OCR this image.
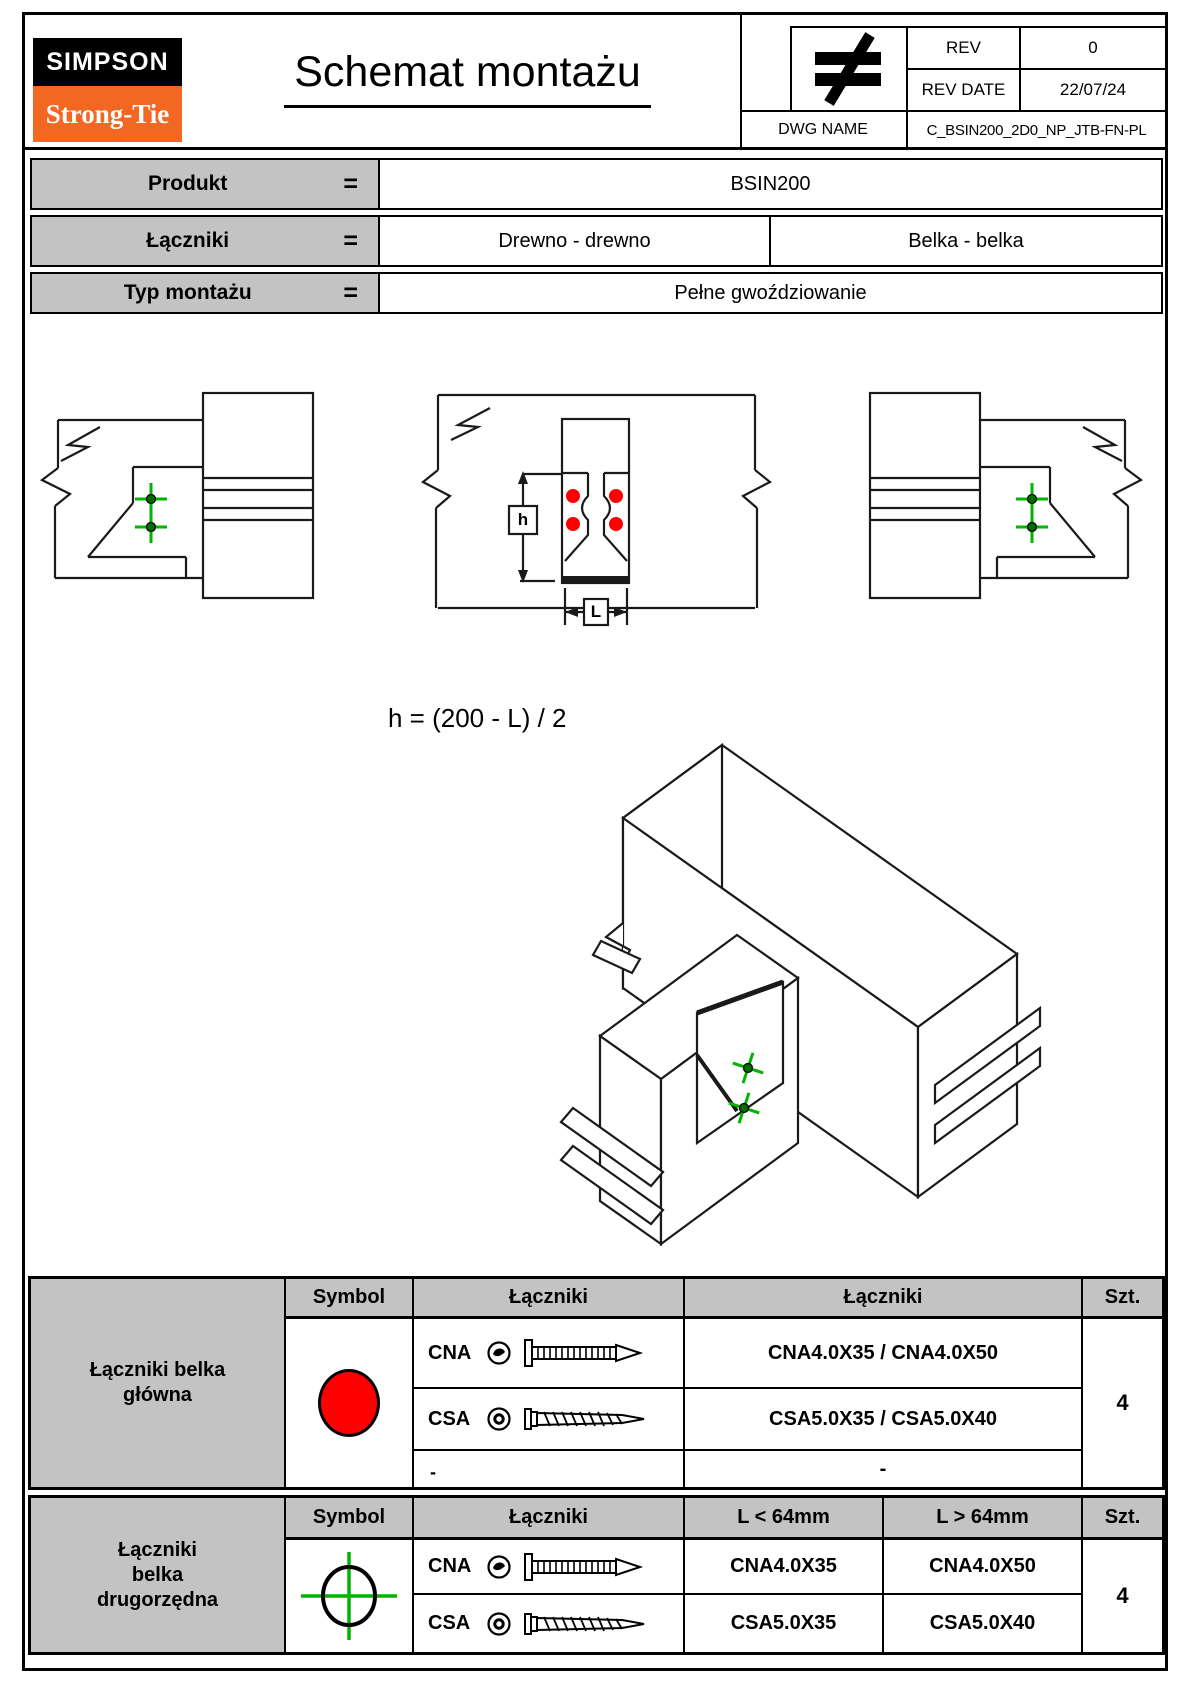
SIMPSON
Strong-Tie
Schemat montażu
REV	0
REV DATE	22/07/24
DWG NAME	C_BSIN200_2D0_NP_JTB-FN-PL
Produkt	=	BSIN200
Łączniki	=	Drewno - drewno	Belka - belka
Typ montażu	=	Pełne gwoździowanie
h
L
h = (200 - L) / 2
Łączniki belka główna
Symbol	Łączniki	Łączniki	Szt.
CNA	CNA4.0X35 / CNA4.0X50
CSA	CSA5.0X35 / CSA5.0X40
-	-
4
Łączniki belka drugorzędna
Symbol	Łączniki	L < 64mm	L > 64mm	Szt.
CNA	CNA4.0X35	CNA4.0X50
CSA	CSA5.0X35	CSA5.0X40
4
